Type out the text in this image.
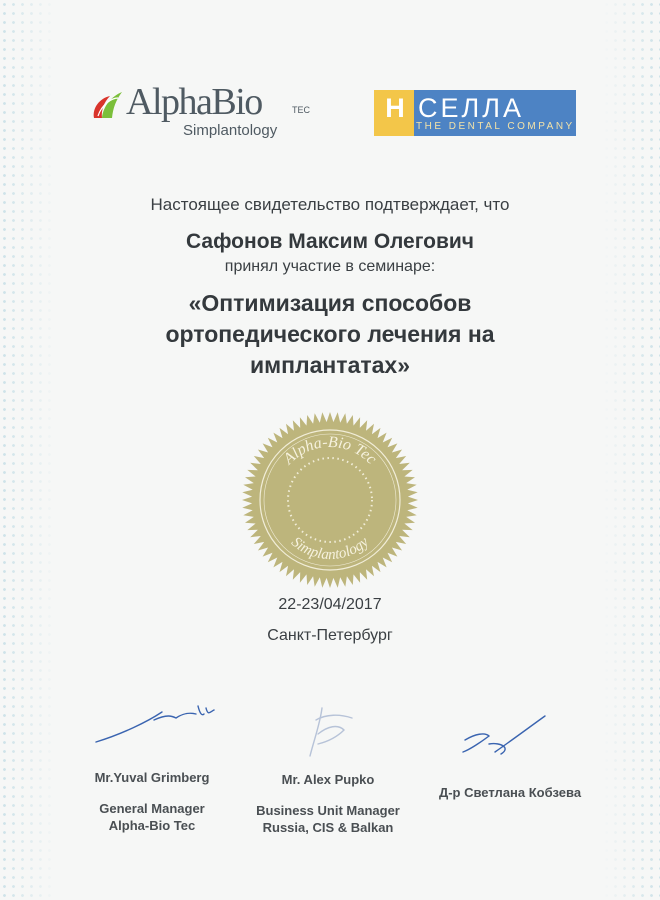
AlphaBio	TEC
Simplantology
Н СЕЛЛА
THE DENTAL COMPANY
Настоящее свидетельство подтверждает, что
Сафонов Максим Олегович
принял участие в семинаре:
«Оптимизация способов
ортопедического лечения на
имплантатах»
Alpha-Bio Tec
Simplantology
22-23/04/2017
Санкт-Петербург
Mr.Yuval Grimberg
General Manager
Alpha-Bio Tec
Mr. Alex Pupko
Business Unit Manager
Russia, CIS & Balkan
Д-р Светлана Кобзева
